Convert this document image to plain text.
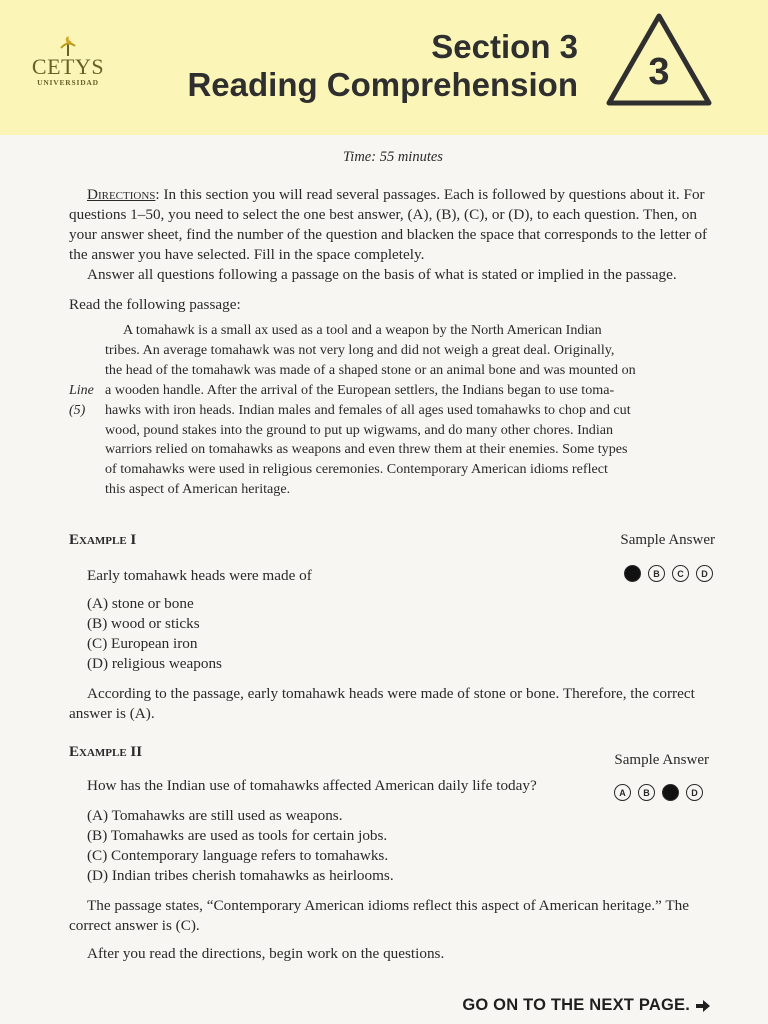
CETYS
UNIVERSIDAD
Section 3
Reading Comprehension 3
Time: 55 minutes

Directions: In this section you will read several passages. Each is followed by questions about it. For questions 1–50, you need to select the one best answer, (A), (B), (C), or (D), to each question. Then, on your answer sheet, find the number of the question and blacken the space that corresponds to the letter of the answer you have selected. Fill in the space completely.

Answer all questions following a passage on the basis of what is stated or implied in the passage.

Read the following passage:
Line
(5)
A tomahawk is a small ax used as a tool and a weapon by the North American Indian
tribes. An average tomahawk was not very long and did not weigh a great deal. Originally,
the head of the tomahawk was made of a shaped stone or an animal bone and was mounted on
a wooden handle. After the arrival of the European settlers, the Indians began to use toma-
hawks with iron heads. Indian males and females of all ages used tomahawks to chop and cut
wood, pound stakes into the ground to put up wigwams, and do many other chores. Indian
warriors relied on tomahawks as weapons and even threw them at their enemies. Some types
of tomahawks were used in religious ceremonies. Contemporary American idioms reflect
this aspect of American heritage.
Example I	Sample Answer
Early tomahawk heads were made of	A	B	C	D
(A) stone or bone
(B) wood or sticks
(C) European iron
(D) religious weapons

According to the passage, early tomahawk heads were made of stone or bone. Therefore, the correct answer is (A).

Example II	Sample Answer
How has the Indian use of tomahawks affected American daily life today?	A	B	C	D
(A) Tomahawks are still used as weapons.
(B) Tomahawks are used as tools for certain jobs.
(C) Contemporary language refers to tomahawks.
(D) Indian tribes cherish tomahawks as heirlooms.

The passage states, “Contemporary American idioms reflect this aspect of American heritage.” The correct answer is (C).

After you read the directions, begin work on the questions.

GO ON TO THE NEXT PAGE.
